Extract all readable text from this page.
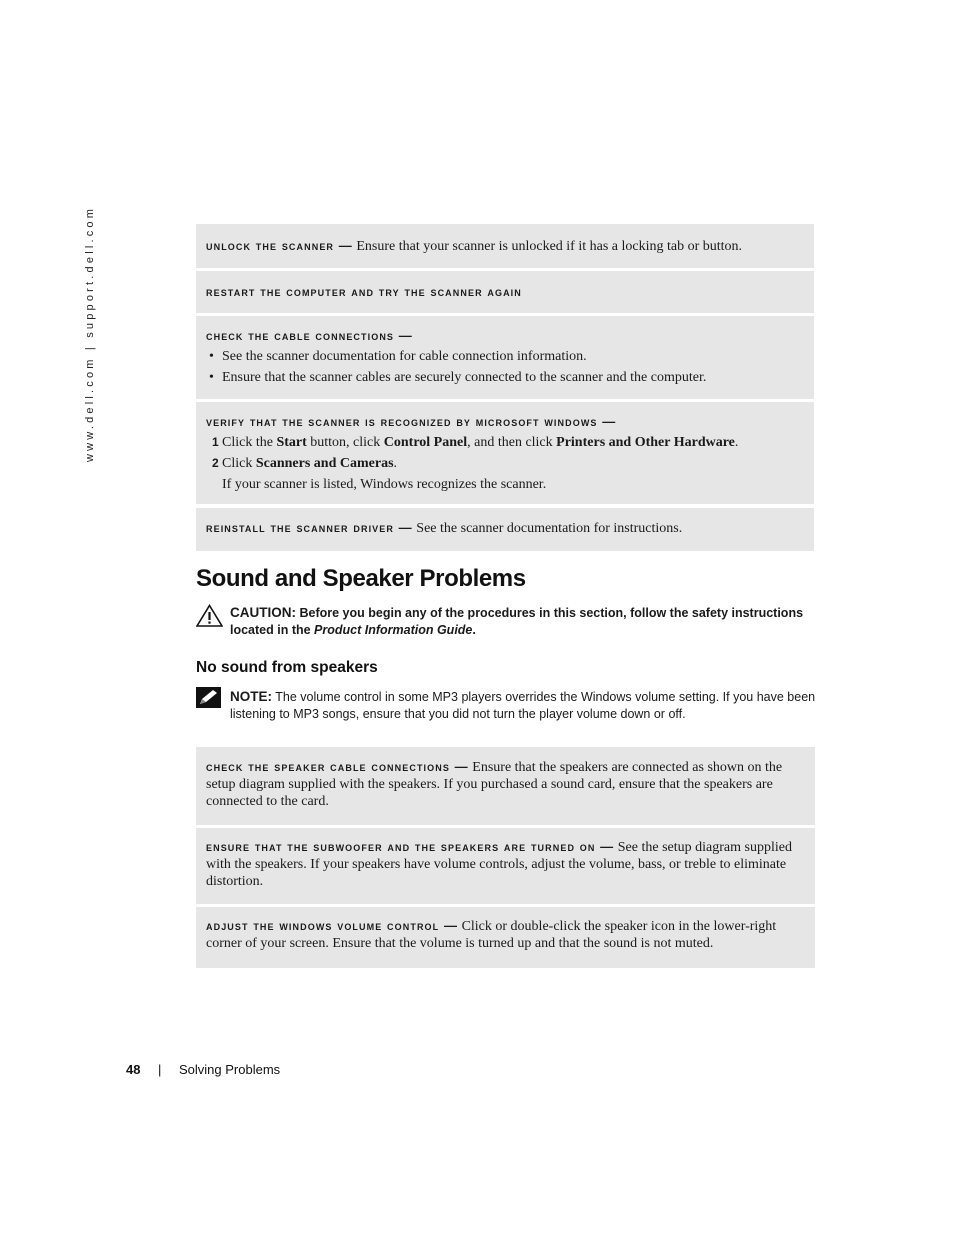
www.dell.com | support.dell.com	unlock the scanner — Ensure that your scanner is unlocked if it has a locking tab or button.
restart the computer and try the scanner again
check the cable connections —
• See the scanner documentation for cable connection information.
• Ensure that the scanner cables are securely connected to the scanner and the computer.
verify that the scanner is recognized by microsoft windows —
1 Click the Start button, click Control Panel, and then click Printers and Other Hardware.
2 Click Scanners and Cameras.
If your scanner is listed, Windows recognizes the scanner.
reinstall the scanner driver — See the scanner documentation for instructions.
Sound and Speaker Problems
CAUTION: Before you begin any of the procedures in this section, follow the safety instructions
located in the Product Information Guide.
No sound from speakers
NOTE: The volume control in some MP3 players overrides the Windows volume setting. If you have been
listening to MP3 songs, ensure that you did not turn the player volume down or off.
check the speaker cable connections — Ensure that the speakers are connected as shown on the setup diagram supplied with the speakers. If you purchased a sound card, ensure that the speakers are connected to the card.
ensure that the subwoofer and the speakers are turned on — See the setup diagram supplied with the speakers. If your speakers have volume controls, adjust the volume, bass, or treble to eliminate distortion.
adjust the windows volume control — Click or double-click the speaker icon in the lower-right corner of your screen. Ensure that the volume is turned up and that the sound is not muted.
48 | Solving Problems
